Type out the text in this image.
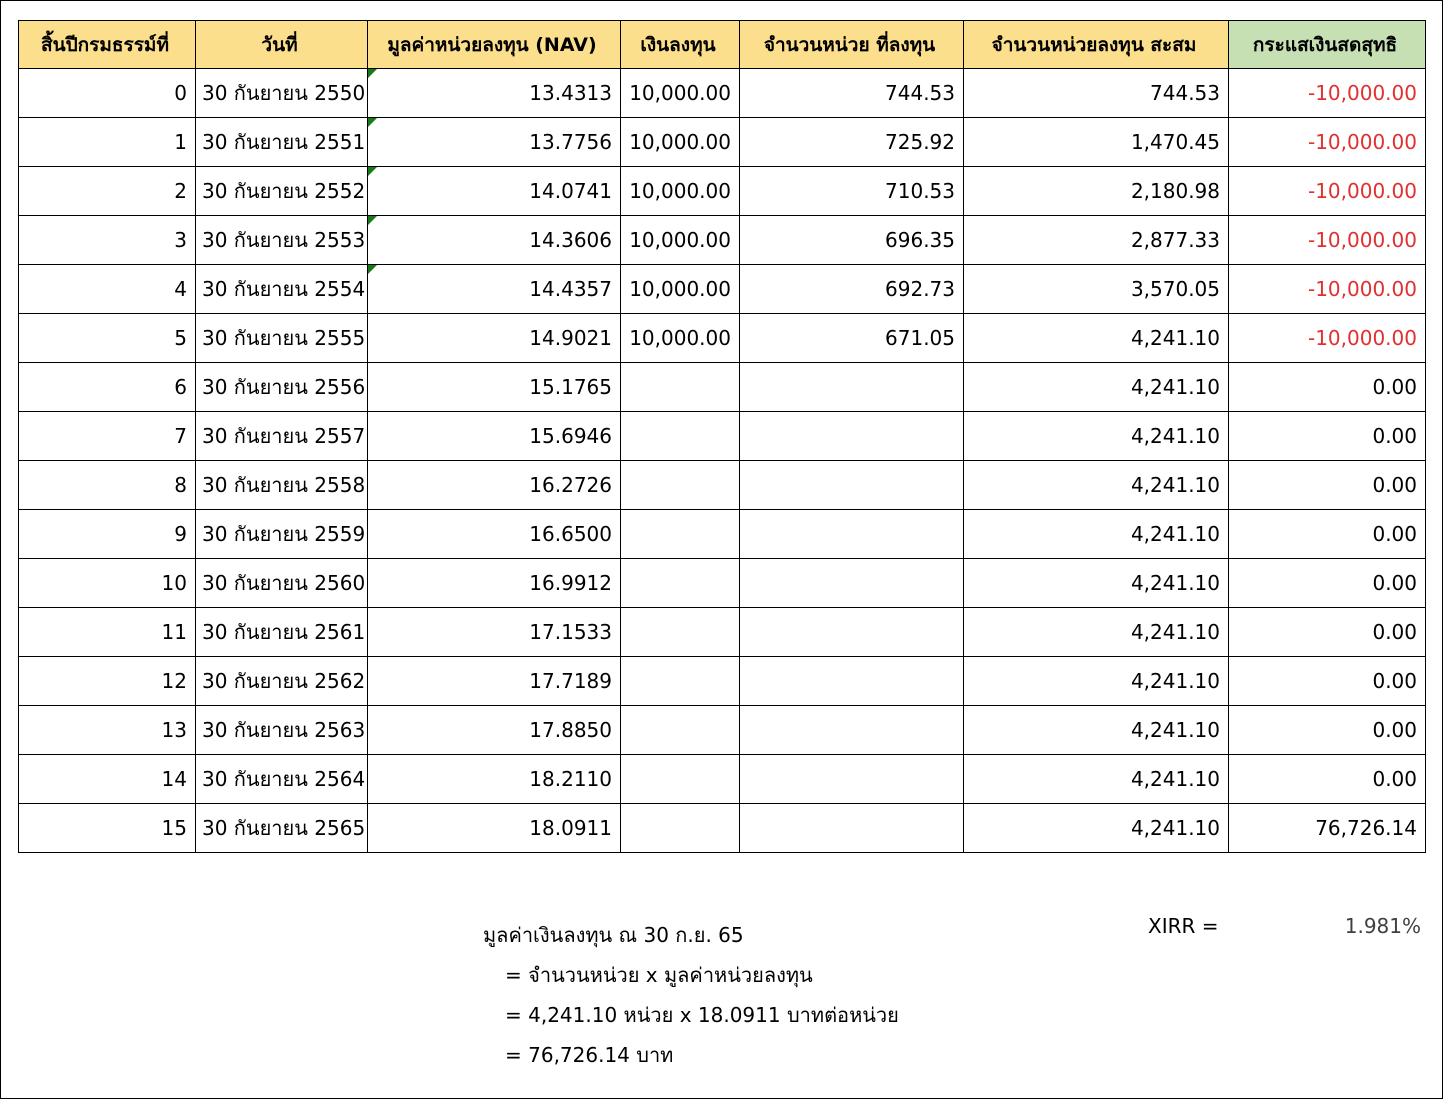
สิ้นปีกรมธรรม์ที่	วันที่	มูลค่าหน่วยลงทุน (NAV)	เงินลงทุน	จำนวนหน่วย ที่ลงทุน	จำนวนหน่วยลงทุน สะสม	กระแสเงินสดสุทธิ
0	30 กันยายน 2550	13.4313	10,000.00	744.53	744.53	-10,000.00
1	30 กันยายน 2551	13.7756	10,000.00	725.92	1,470.45	-10,000.00
2	30 กันยายน 2552	14.0741	10,000.00	710.53	2,180.98	-10,000.00
3	30 กันยายน 2553	14.3606	10,000.00	696.35	2,877.33	-10,000.00
4	30 กันยายน 2554	14.4357	10,000.00	692.73	3,570.05	-10,000.00
5	30 กันยายน 2555	14.9021	10,000.00	671.05	4,241.10	-10,000.00
6	30 กันยายน 2556	15.1765			4,241.10	0.00
7	30 กันยายน 2557	15.6946			4,241.10	0.00
8	30 กันยายน 2558	16.2726			4,241.10	0.00
9	30 กันยายน 2559	16.6500			4,241.10	0.00
10	30 กันยายน 2560	16.9912			4,241.10	0.00
11	30 กันยายน 2561	17.1533			4,241.10	0.00
12	30 กันยายน 2562	17.7189			4,241.10	0.00
13	30 กันยายน 2563	17.8850			4,241.10	0.00
14	30 กันยายน 2564	18.2110			4,241.10	0.00
15	30 กันยายน 2565	18.0911			4,241.10	76,726.14
มูลค่าเงินลงทุน ณ 30 ก.ย. 65
= จำนวนหน่วย x มูลค่าหน่วยลงทุน
= 4,241.10 หน่วย x 18.0911 บาทต่อหน่วย
= 76,726.14 บาท
XIRR =	1.981%
